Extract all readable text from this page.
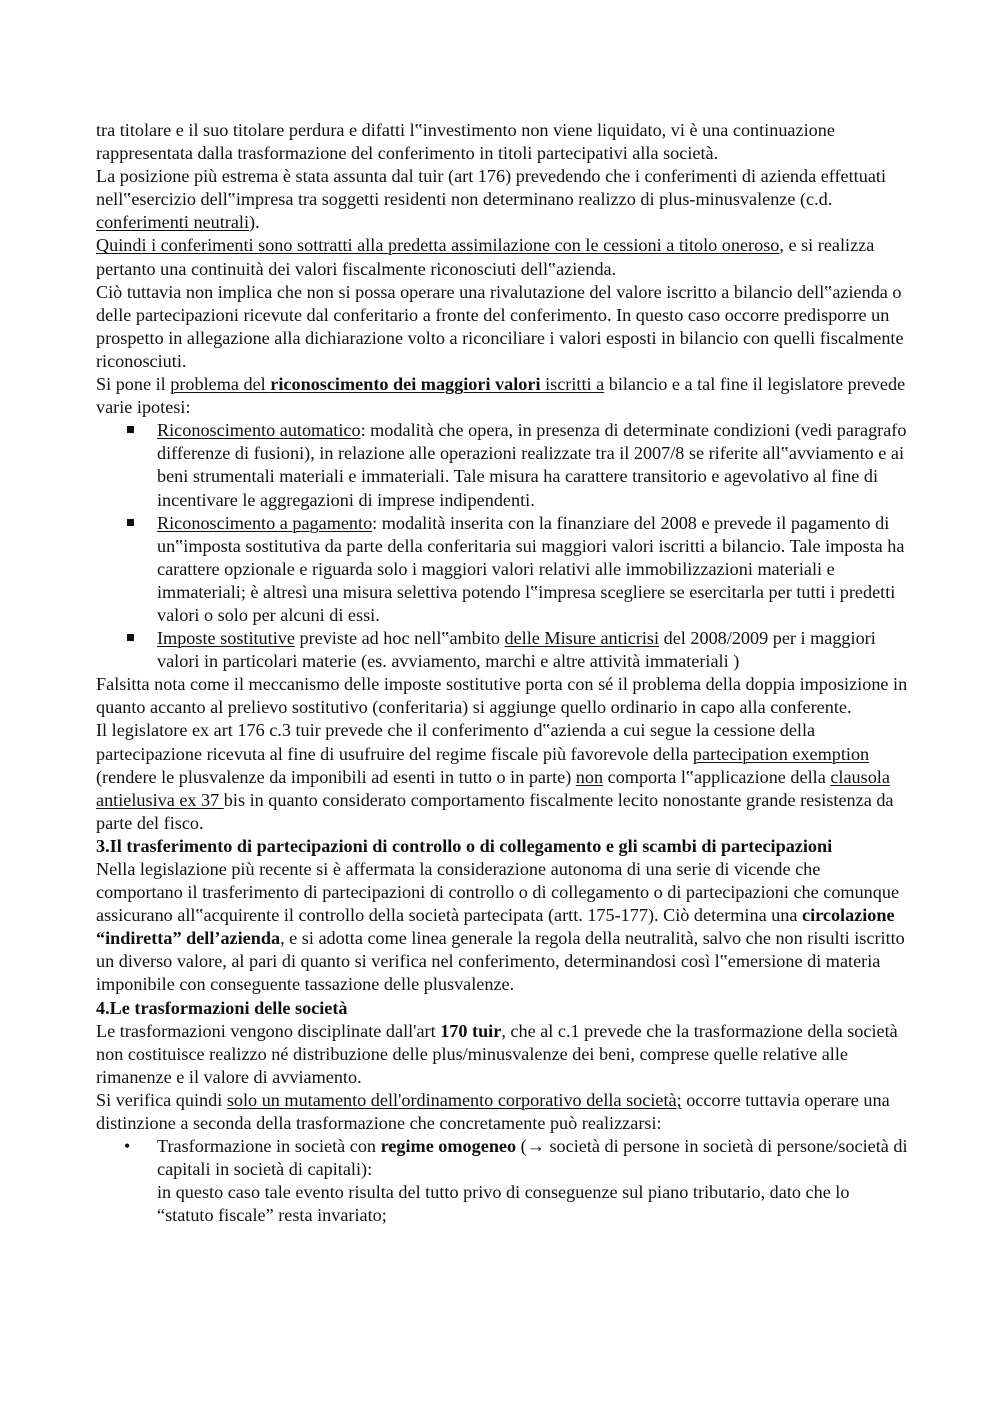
tra titolare e il suo titolare perdura e difatti l‟investimento non viene liquidato, vi è una continuazione rappresentata dalla trasformazione del conferimento in titoli partecipativi alla società.

La posizione più estrema è stata assunta dal tuir (art 176) prevedendo che i conferimenti di azienda effettuati nell‟esercizio dell‟impresa tra soggetti residenti non determinano realizzo di plus-minusvalenze (c.d. conferimenti neutrali).

Quindi i conferimenti sono sottratti alla predetta assimilazione con le cessioni a titolo oneroso, e si realizza pertanto una continuità dei valori fiscalmente riconosciuti dell‟azienda.

Ciò tuttavia non implica che non si possa operare una rivalutazione del valore iscritto a bilancio dell‟azienda o delle partecipazioni ricevute dal conferitario a fronte del conferimento. In questo caso occorre predisporre un prospetto in allegazione alla dichiarazione volto a riconciliare i valori esposti in bilancio con quelli fiscalmente riconosciuti.

Si pone il problema del riconoscimento dei maggiori valori iscritti a bilancio e a tal fine il legislatore prevede varie ipotesi:

Riconoscimento automatico: modalità che opera, in presenza di determinate condizioni (vedi paragrafo differenze di fusioni), in relazione alle operazioni realizzate tra il 2007/8 se riferite all‟avviamento e ai beni strumentali materiali e immateriali. Tale misura ha carattere transitorio e agevolativo al fine di incentivare le aggregazioni di imprese indipendenti.
Riconoscimento a pagamento: modalità inserita con la finanziare del 2008 e prevede il pagamento di un‟imposta sostitutiva da parte della conferitaria sui maggiori valori iscritti a bilancio. Tale imposta ha carattere opzionale e riguarda solo i maggiori valori relativi alle immobilizzazioni materiali e immateriali; è altresì una misura selettiva potendo l‟impresa scegliere se esercitarla per tutti i predetti valori o solo per alcuni di essi.
Imposte sostitutive previste ad hoc nell‟ambito delle Misure anticrisi del 2008/2009 per i maggiori valori in particolari materie (es. avviamento, marchi e altre attività immateriali )

Falsitta nota come il meccanismo delle imposte sostitutive porta con sé il problema della doppia imposizione in quanto accanto al prelievo sostitutivo (conferitaria) si aggiunge quello ordinario in capo alla conferente.

Il legislatore ex art 176 c.3 tuir prevede che il conferimento d‟azienda a cui segue la cessione della partecipazione ricevuta al fine di usufruire del regime fiscale più favorevole della partecipation exemption (rendere le plusvalenze da imponibili ad esenti in tutto o in parte) non comporta l‟applicazione della clausola antielusiva ex 37 bis in quanto considerato comportamento fiscalmente lecito nonostante grande resistenza da parte del fisco.

3.Il trasferimento di partecipazioni di controllo o di collegamento e gli scambi di partecipazioni

Nella legislazione più recente si è affermata la considerazione autonoma di una serie di vicende che comportano il trasferimento di partecipazioni di controllo o di collegamento o di partecipazioni che comunque assicurano all‟acquirente il controllo della società partecipata (artt. 175-177). Ciò determina una circolazione “indiretta” dell’azienda, e si adotta come linea generale la regola della neutralità, salvo che non risulti iscritto un diverso valore, al pari di quanto si verifica nel conferimento, determinandosi così l‟emersione di materia imponibile con conseguente tassazione delle plusvalenze.

4.Le trasformazioni delle società

Le trasformazioni vengono disciplinate dall'art 170 tuir, che al c.1 prevede che la trasformazione della società non costituisce realizzo né distribuzione delle plus/minusvalenze dei beni, comprese quelle relative alle rimanenze e il valore di avviamento.

Si verifica quindi solo un mutamento dell'ordinamento corporativo della società; occorre tuttavia operare una distinzione a seconda della trasformazione che concretamente può realizzarsi:

• Trasformazione in società con regime omogeneo (→ società di persone in società di persone/società di capitali in società di capitali):
in questo caso tale evento risulta del tutto privo di conseguenze sul piano tributario, dato che lo “statuto fiscale” resta invariato;
